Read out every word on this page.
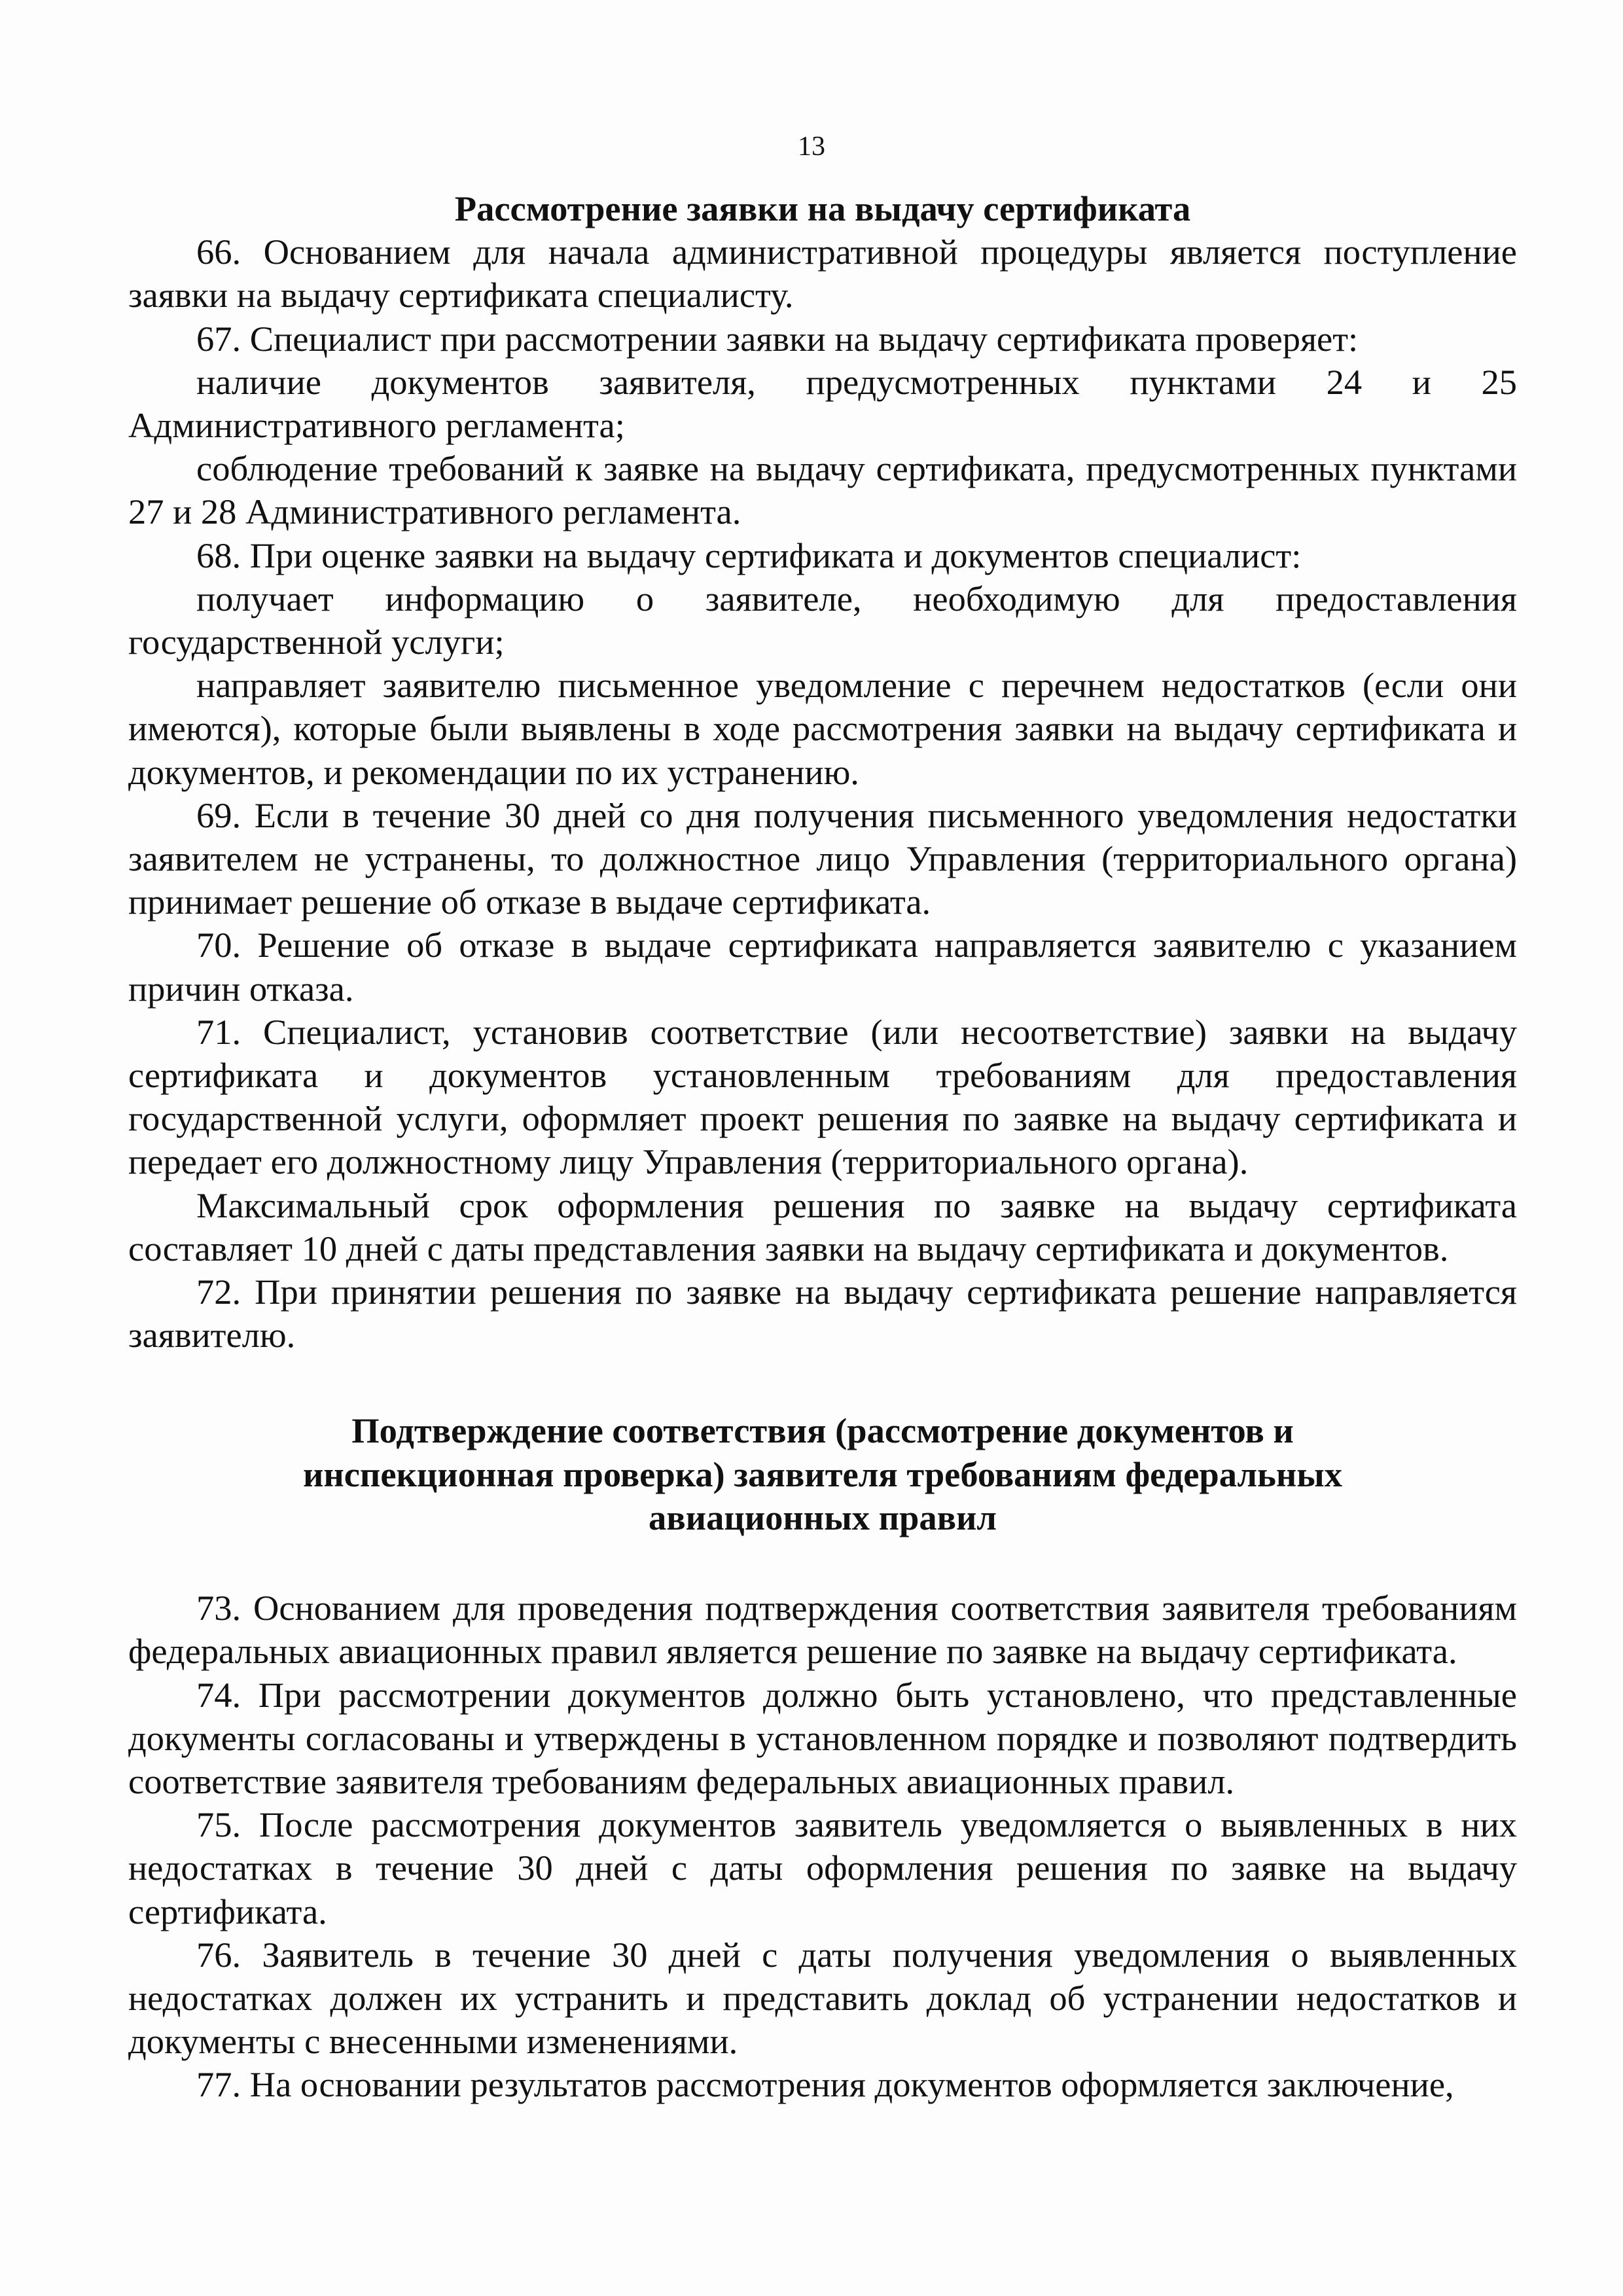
13

Рассмотрение заявки на выдачу сертификата

66. Основанием для начала административной процедуры является поступление заявки на выдачу сертификата специалисту.

67. Специалист при рассмотрении заявки на выдачу сертификата проверяет:

наличие документов заявителя, предусмотренных пунктами 24 и 25 Административного регламента;

соблюдение требований к заявке на выдачу сертификата, предусмотренных пунктами 27 и 28 Административного регламента.

68. При оценке заявки на выдачу сертификата и документов специалист:

получает информацию о заявителе, необходимую для предоставления государственной услуги;

направляет заявителю письменное уведомление с перечнем недостатков (если они имеются), которые были выявлены в ходе рассмотрения заявки на выдачу сертификата и документов, и рекомендации по их устранению.

69. Если в течение 30 дней со дня получения письменного уведомления недостатки заявителем не устранены, то должностное лицо Управления (территориального органа) принимает решение об отказе в выдаче сертификата.

70. Решение об отказе в выдаче сертификата направляется заявителю с указанием причин отказа.

71. Специалист, установив соответствие (или несоответствие) заявки на выдачу сертификата и документов установленным требованиям для предоставления государственной услуги, оформляет проект решения по заявке на выдачу сертификата и передает его должностному лицу Управления (территориального органа).

Максимальный срок оформления решения по заявке на выдачу сертификата составляет 10 дней с даты представления заявки на выдачу сертификата и документов.

72. При принятии решения по заявке на выдачу сертификата решение направляется заявителю.

Подтверждение соответствия (рассмотрение документов и инспекционная проверка) заявителя требованиям федеральных авиационных правил

73. Основанием для проведения подтверждения соответствия заявителя требованиям федеральных авиационных правил является решение по заявке на выдачу сертификата.

74. При рассмотрении документов должно быть установлено, что представленные документы согласованы и утверждены в установленном порядке и позволяют подтвердить соответствие заявителя требованиям федеральных авиационных правил.

75. После рассмотрения документов заявитель уведомляется о выявленных в них недостатках в течение 30 дней с даты оформления решения по заявке на выдачу сертификата.

76. Заявитель в течение 30 дней с даты получения уведомления о выявленных недостатках должен их устранить и представить доклад об устранении недостатков и документы с внесенными изменениями.

77. На основании результатов рассмотрения документов оформляется заключение,
